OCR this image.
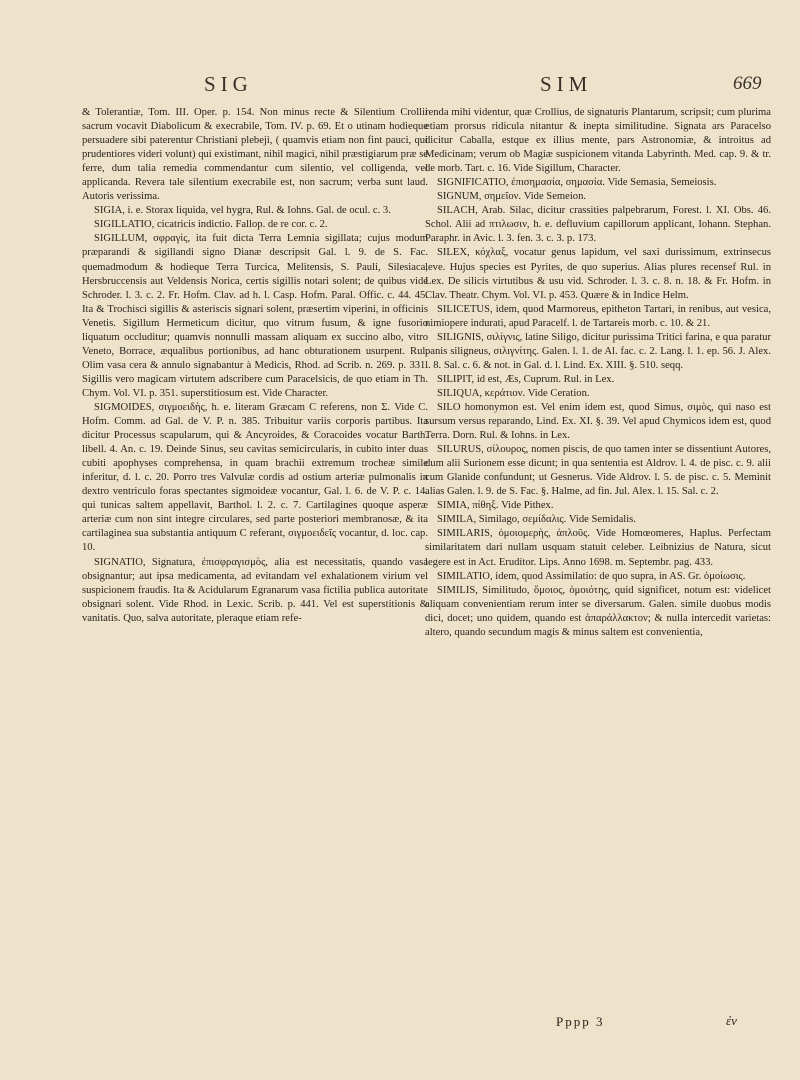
SIG	SIM	669

& Tolerantiæ, Tom. III. Oper. p. 154. Non minus recte & Silentium Crollii sacrum vocavit Diabolicum & execrabile, Tom. IV. p. 69. Et o utinam hodieque persuadere sibi paterentur Christiani plebeji, ( quamvis etiam non fint pauci, qui prudentiores videri volunt) qui existimant, nihil magici, nihil præstigiarum præ se ferre, dum talia remedia commendantur cum silentio, vel colligenda, vel applicanda. Revera tale silentium execrabile est, non sacrum; verba sunt laud. Autoris verissima.

SIGIA, i. e. Storax liquida, vel hygra, Rul. & Iohns. Gal. de ocul. c. 3.

SIGILLATIO, cicatricis indictio. Fallop. de re cor. c. 2.

SIGILLUM, σφραγὶς, ita fuit dicta Terra Lemnia sigillata; cujus modum præparandi & sigillandi signo Dianæ descripsit Gal. l. 9. de S. Fac. quemadmodum & hodieque Terra Turcica, Melitensis, S. Pauli, Silesiaca, Hersbruccensis aut Veldensis Norica, certis sigillis notari solent; de quibus vide Schroder. l. 3. c. 2. Fr. Hofm. Clav. ad h. l. Casp. Hofm. Paral. Offic. c. 44. 45. Ita & Trochisci sigillis & asteriscis signari solent, præsertim viperini, in officinis Venetis. Sigillum Hermeticum dicitur, quo vitrum fusum, & igne fusorio liquatum occluditur; quamvis nonnulli massam aliquam ex succino albo, vitro Veneto, Borrace, æqualibus portionibus, ad hanc obturationem usurpent. Rul. Olim vasa cera & annulo signabantur à Medicis, Rhod. ad Scrib. n. 269. p. 331. Sigillis vero magicam virtutem adscribere cum Paracelsicis, de quo etiam in Th. Chym. Vol. VI. p. 351. superstitiosum est. Vide Character.

SIGMOIDES, σιγμοειδὴς, h. e. literam Græcam C referens, non Σ. Vide C. Hofm. Comm. ad Gal. de V. P. n. 385. Tribuitur variis corporis partibus. Ita dicitur Processus scapularum, qui & Ancyroides, & Coracoides vocatur Barth. libell. 4. An. c. 19. Deinde Sinus, seu cavitas semicircularis, in cubito inter duas cubiti apophyses comprehensa, in quam brachii extremum trocheæ simile inferitur, d. l. c. 20. Porro tres Valvulæ cordis ad ostium arteriæ pulmonalis in dextro ventriculo foras spectantes sigmoideæ vocantur, Gal. l. 6. de V. P. c. 14. qui tunicas saltem appellavit, Barthol. l. 2. c. 7. Cartilagines quoque asperæ arteriæ cum non sint integre circulares, sed parte posteriori membranosæ, & ita cartilaginea sua substantia antiquum C referant, σιγμοειδεῖς vocantur, d. loc. cap. 10.

SIGNATIO, Signatura, ἐπισφραγισμὸς, alia est necessitatis, quando vasa obsignantur; aut ipsa medicamenta, ad evitandam vel exhalationem virium vel suspicionem fraudis. Ita & Acidularum Egranarum vasa fictilia publica autoritate obsignari solent. Vide Rhod. in Lexic. Scrib. p. 441. Vel est superstitionis & vanitatis. Quo, salva autoritate, pleraque etiam refe-

renda mihi videntur, quæ Crollius, de signaturis Plantarum, scripsit; cum plurima etiam prorsus ridicula nitantur & inepta similitudine. Signata ars Paracelso dicitur Caballa, estque ex illius mente, pars Astronomiæ, & introitus ad Medicinam; verum ob Magiæ suspicionem vitanda Labyrinth. Med. cap. 9. & tr. de morb. Tart. c. 16. Vide Sigillum, Character.

SIGNIFICATIO, ἐπισημασία, σημασία. Vide Semasia, Semeiosis.

SIGNUM, σημεῖον. Vide Semeion.

SILACH, Arab. Silac, dicitur crassities palpebrarum, Forest. l. XI. Obs. 46. Schol. Alii ad πτιλωσιν, h. e. defluvium capillorum applicant, Iohann. Stephan. Paraphr. in Avic. l. 3. fen. 3. c. 3. p. 173.

SILEX, κόχλαξ, vocatur genus lapidum, vel saxi durissimum, extrinsecus leve. Hujus species est Pyrites, de quo superius. Alias plures recensef Rul. in Lex. De silicis virtutibus & usu vid. Schroder. l. 3. c. 8. n. 18. & Fr. Hofm. in Clav. Theatr. Chym. Vol. VI. p. 453. Quære & in Indice Helm.

SILICETUS, idem, quod Marmoreus, epitheton Tartari, in renibus, aut vesica, nimiopere indurati, apud Paracelf. l. de Tartareis morb. c. 10. & 21.

SILIGNIS, σιλίγνις, latine Siligo, dicitur purissima Tritici farina, e qua paratur panis siligneus, σιλιγνίτης. Galen. l. 1. de Al. fac. c. 2. Lang. l. 1. ep. 56. J. Alex. l. 8. Sal. c. 6. & not. in Gal. d. l. Lind. Ex. XIII. §. 510. seqq.

SILIPIT, id est, Æs, Cuprum. Rul. in Lex.

SILIQUA, κεράτιον. Vide Ceration.

SILO homonymon est. Vel enim idem est, quod Simus, σιμὸς, qui naso est sursum versus reparando, Lind. Ex. XI. §. 39. Vel apud Chymicos idem est, quod Terra. Dorn. Rul. & Iohns. in Lex.

SILURUS, σίλουρος, nomen piscis, de quo tamen inter se dissentiunt Autores, dum alii Surionem esse dicunt; in qua sententia est Aldrov. l. 4. de pisc. c. 9. alii cum Glanide confundunt; ut Gesnerus. Vide Aldrov. l. 5. de pisc. c. 5. Meminit alias Galen. l. 9. de S. Fac. §. Halme, ad fin. Jul. Alex. l. 15. Sal. c. 2.

SIMIA, πίθηξ. Vide Pithex.

SIMILA, Similago, σεμίδαλις. Vide Semidalis.

SIMILARIS, ὁμοιομερὴς, ἁπλοῦς. Vide Homœomeres, Haplus. Perfectam similaritatem dari nullam usquam statuit celeber. Leibnizius de Natura, sicut legere est in Act. Erudítor. Lips. Anno 1698. m. Septembr. pag. 433.

SIMILATIO, idem, quod Assimilatio: de quo supra, in AS. Gr. ὁμοίωσις.

SIMILIS, Similitudo, ὅμοιος, ὁμοιότης, quid significet, notum est: videlicet aliquam convenientiam rerum inter se diversarum. Galen. simile duobus modis dici, docet; uno quidem, quando est ἀπαράλλακτον; & nulla intercedit varietas: altero, quando secundum magis & minus saltem est convenientia,

Pppp 3	ἐν
